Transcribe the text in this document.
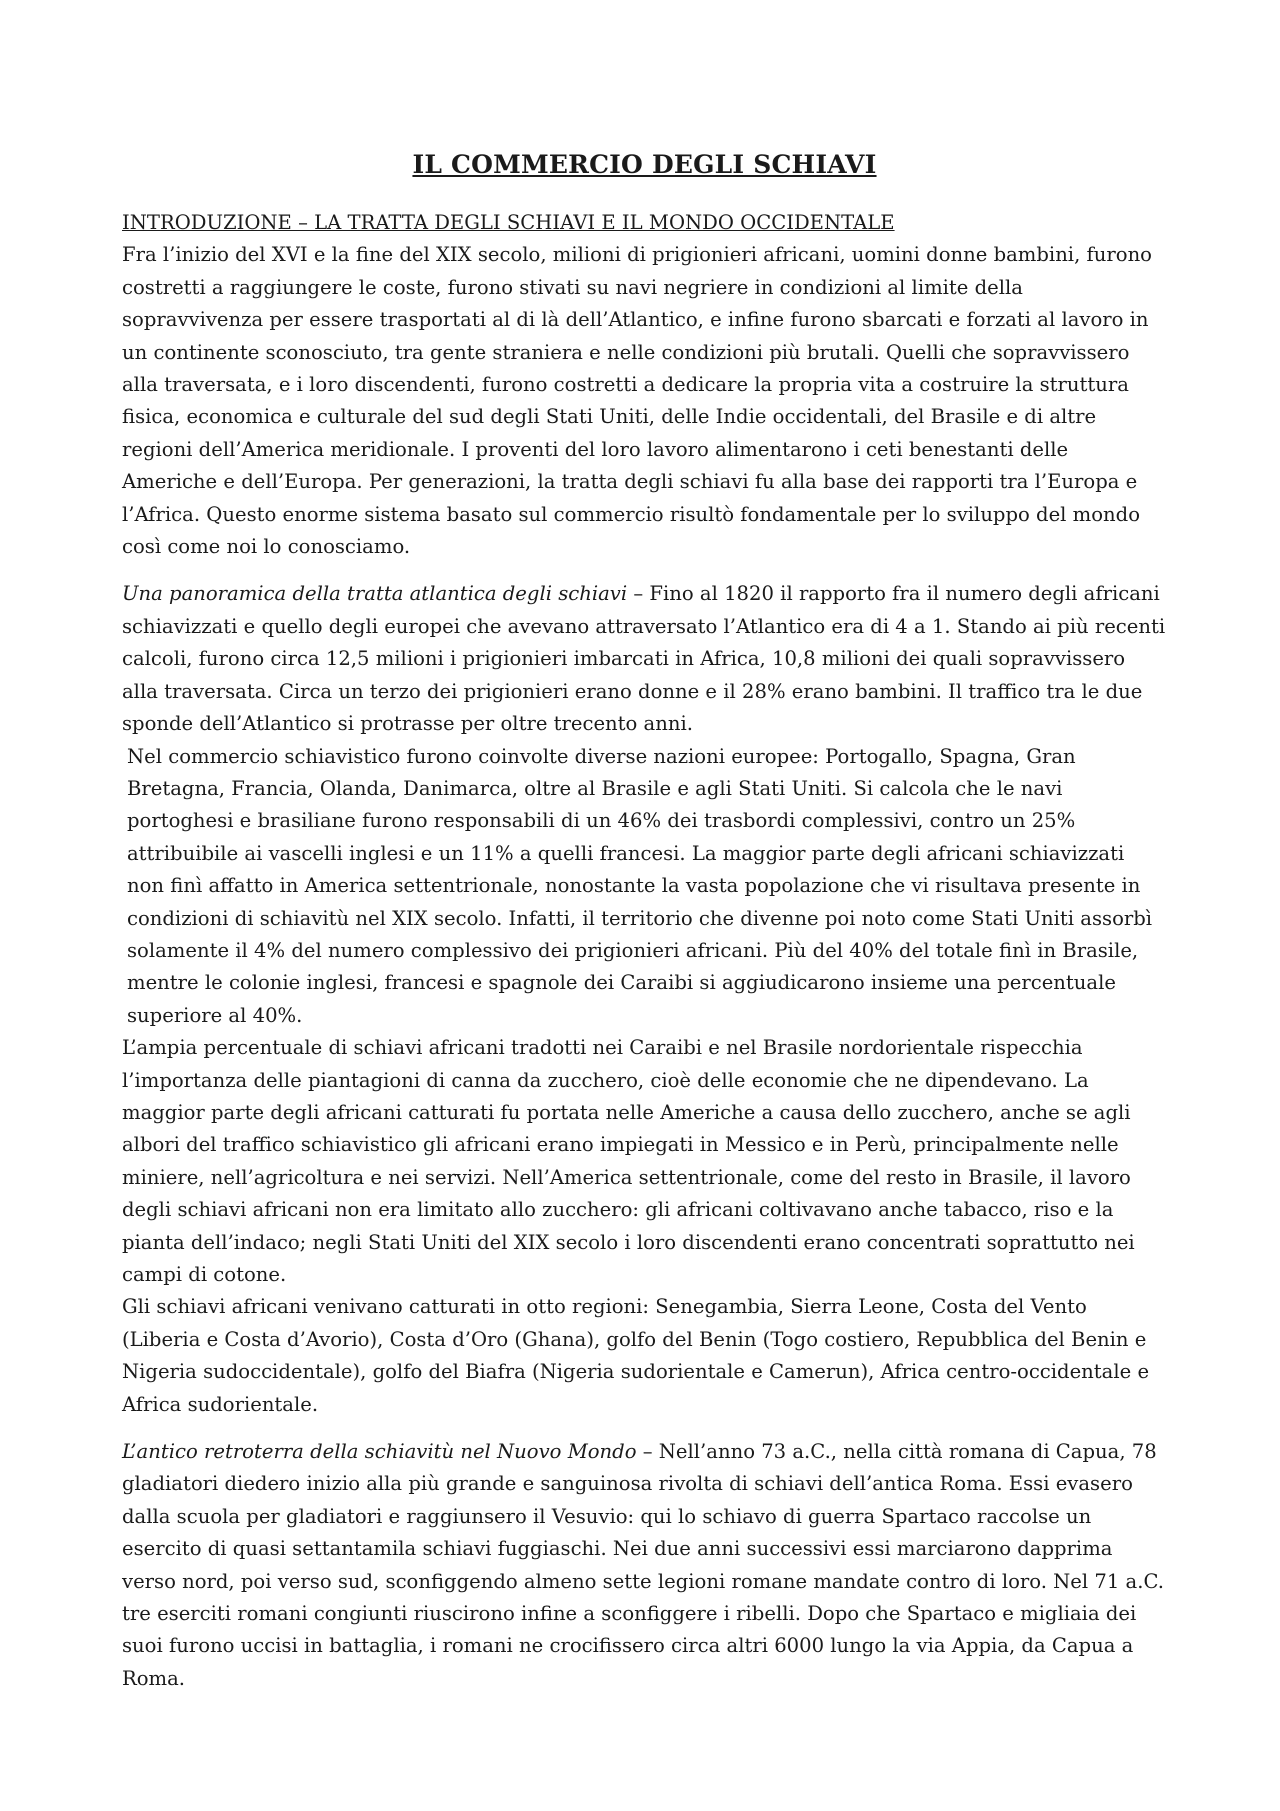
IL COMMERCIO DEGLI SCHIAVI

INTRODUZIONE – LA TRATTA DEGLI SCHIAVI E IL MONDO OCCIDENTALE

Fra l’inizio del XVI e la fine del XIX secolo, milioni di prigionieri africani, uomini donne bambini, furono costretti a raggiungere le coste, furono stivati su navi negriere in condizioni al limite della sopravvivenza per essere trasportati al di là dell’Atlantico, e infine furono sbarcati e forzati al lavoro in un continente sconosciuto, tra gente straniera e nelle condizioni più brutali. Quelli che sopravvissero alla traversata, e i loro discendenti, furono costretti a dedicare la propria vita a costruire la struttura fisica, economica e culturale del sud degli Stati Uniti, delle Indie occidentali, del Brasile e di altre regioni dell’America meridionale. I proventi del loro lavoro alimentarono i ceti benestanti delle Americhe e dell’Europa. Per generazioni, la tratta degli schiavi fu alla base dei rapporti tra l’Europa e l’Africa. Questo enorme sistema basato sul commercio risultò fondamentale per lo sviluppo del mondo così come noi lo conosciamo.

Una panoramica della tratta atlantica degli schiavi – Fino al 1820 il rapporto fra il numero degli africani schiavizzati e quello degli europei che avevano attraversato l’Atlantico era di 4 a 1. Stando ai più recenti calcoli, furono circa 12,5 milioni i prigionieri imbarcati in Africa, 10,8 milioni dei quali sopravvissero alla traversata. Circa un terzo dei prigionieri erano donne e il 28% erano bambini. Il traffico tra le due sponde dell’Atlantico si protrasse per oltre trecento anni.

Nel commercio schiavistico furono coinvolte diverse nazioni europee: Portogallo, Spagna, Gran Bretagna, Francia, Olanda, Danimarca, oltre al Brasile e agli Stati Uniti. Si calcola che le navi portoghesi e brasiliane furono responsabili di un 46% dei trasbordi complessivi, contro un 25% attribuibile ai vascelli inglesi e un 11% a quelli francesi. La maggior parte degli africani schiavizzati non finì affatto in America settentrionale, nonostante la vasta popolazione che vi risultava presente in condizioni di schiavitù nel XIX secolo. Infatti, il territorio che divenne poi noto come Stati Uniti assorbì solamente il 4% del numero complessivo dei prigionieri africani. Più del 40% del totale finì in Brasile, mentre le colonie inglesi, francesi e spagnole dei Caraibi si aggiudicarono insieme una percentuale superiore al 40%.

L’ampia percentuale di schiavi africani tradotti nei Caraibi e nel Brasile nordorientale rispecchia l’importanza delle piantagioni di canna da zucchero, cioè delle economie che ne dipendevano. La maggior parte degli africani catturati fu portata nelle Americhe a causa dello zucchero, anche se agli albori del traffico schiavistico gli africani erano impiegati in Messico e in Perù, principalmente nelle miniere, nell’agricoltura e nei servizi. Nell’America settentrionale, come del resto in Brasile, il lavoro degli schiavi africani non era limitato allo zucchero: gli africani coltivavano anche tabacco, riso e la pianta dell’indaco; negli Stati Uniti del XIX secolo i loro discendenti erano concentrati soprattutto nei campi di cotone.

Gli schiavi africani venivano catturati in otto regioni: Senegambia, Sierra Leone, Costa del Vento (Liberia e Costa d’Avorio), Costa d’Oro (Ghana), golfo del Benin (Togo costiero, Repubblica del Benin e Nigeria sudoccidentale), golfo del Biafra (Nigeria sudorientale e Camerun), Africa centro-occidentale e Africa sudorientale.

L’antico retroterra della schiavitù nel Nuovo Mondo – Nell’anno 73 a.C., nella città romana di Capua, 78 gladiatori diedero inizio alla più grande e sanguinosa rivolta di schiavi dell’antica Roma. Essi evasero dalla scuola per gladiatori e raggiunsero il Vesuvio: qui lo schiavo di guerra Spartaco raccolse un esercito di quasi settantamila schiavi fuggiaschi. Nei due anni successivi essi marciarono dapprima verso nord, poi verso sud, sconfiggendo almeno sette legioni romane mandate contro di loro. Nel 71 a.C. tre eserciti romani congiunti riuscirono infine a sconfiggere i ribelli. Dopo che Spartaco e migliaia dei suoi furono uccisi in battaglia, i romani ne crocifissero circa altri 6000 lungo la via Appia, da Capua a Roma.
